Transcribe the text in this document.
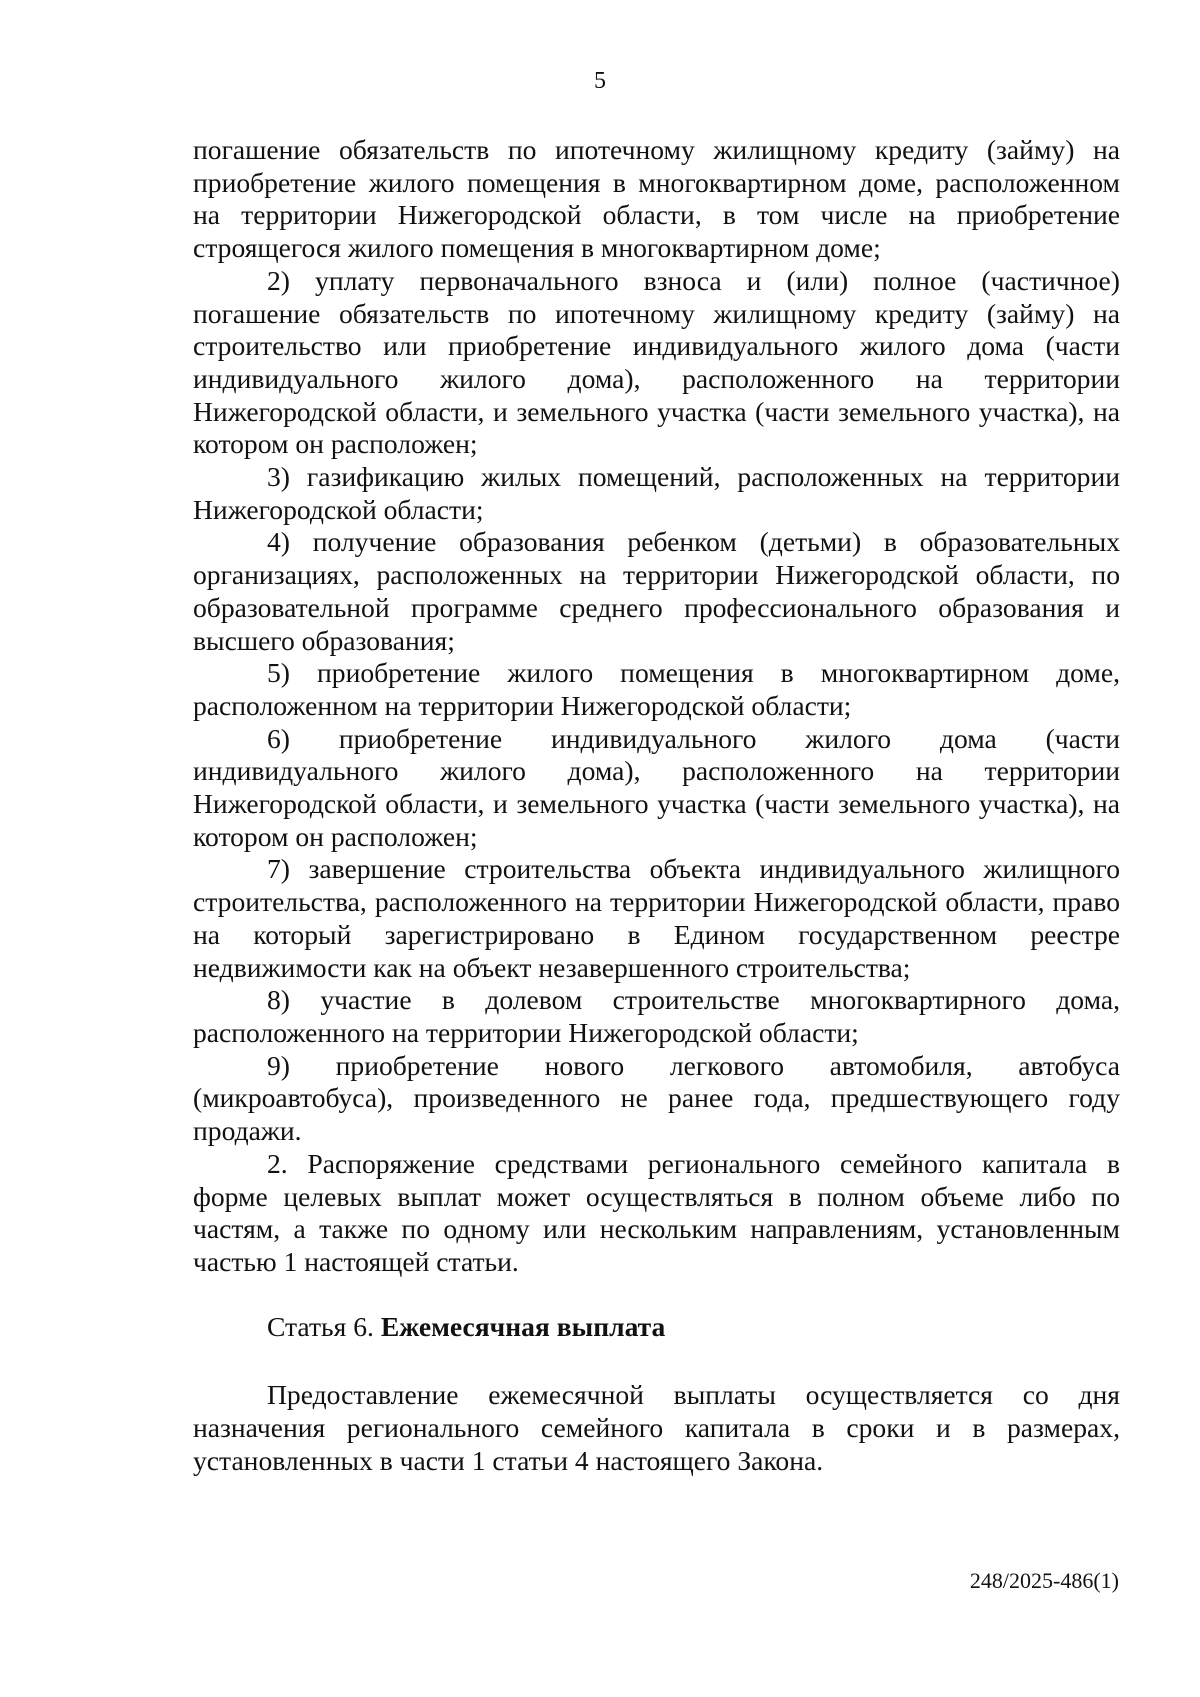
5

погашение обязательств по ипотечному жилищному кредиту (займу) на приобретение жилого помещения в многоквартирном доме, расположенном на территории Нижегородской области, в том числе на приобретение строящегося жилого помещения в многоквартирном доме;

2) уплату первоначального взноса и (или) полное (частичное) погашение обязательств по ипотечному жилищному кредиту (займу) на строительство или приобретение индивидуального жилого дома (части индивидуального жилого дома), расположенного на территории Нижегородской области, и земельного участка (части земельного участка), на котором он расположен;

3) газификацию жилых помещений, расположенных на территории Нижегородской области;

4) получение образования ребенком (детьми) в образовательных организациях, расположенных на территории Нижегородской области, по образовательной программе среднего профессионального образования и высшего образования;

5) приобретение жилого помещения в многоквартирном доме, расположенном на территории Нижегородской области;

6) приобретение индивидуального жилого дома (части индивидуального жилого дома), расположенного на территории Нижегородской области, и земельного участка (части земельного участка), на котором он расположен;

7) завершение строительства объекта индивидуального жилищного строительства, расположенного на территории Нижегородской области, право на который зарегистрировано в Едином государственном реестре недвижимости как на объект незавершенного строительства;

8) участие в долевом строительстве многоквартирного дома, расположенного на территории Нижегородской области;

9) приобретение нового легкового автомобиля, автобуса (микроавтобуса), произведенного не ранее года, предшествующего году продажи.

2. Распоряжение средствами регионального семейного капитала в форме целевых выплат может осуществляться в полном объеме либо по частям, а также по одному или нескольким направлениям, установленным частью 1 настоящей статьи.

Статья 6. Ежемесячная выплата

Предоставление ежемесячной выплаты осуществляется со дня назначения регионального семейного капитала в сроки и в размерах, установленных в части 1 статьи 4 настоящего Закона.

248/2025-486(1)
